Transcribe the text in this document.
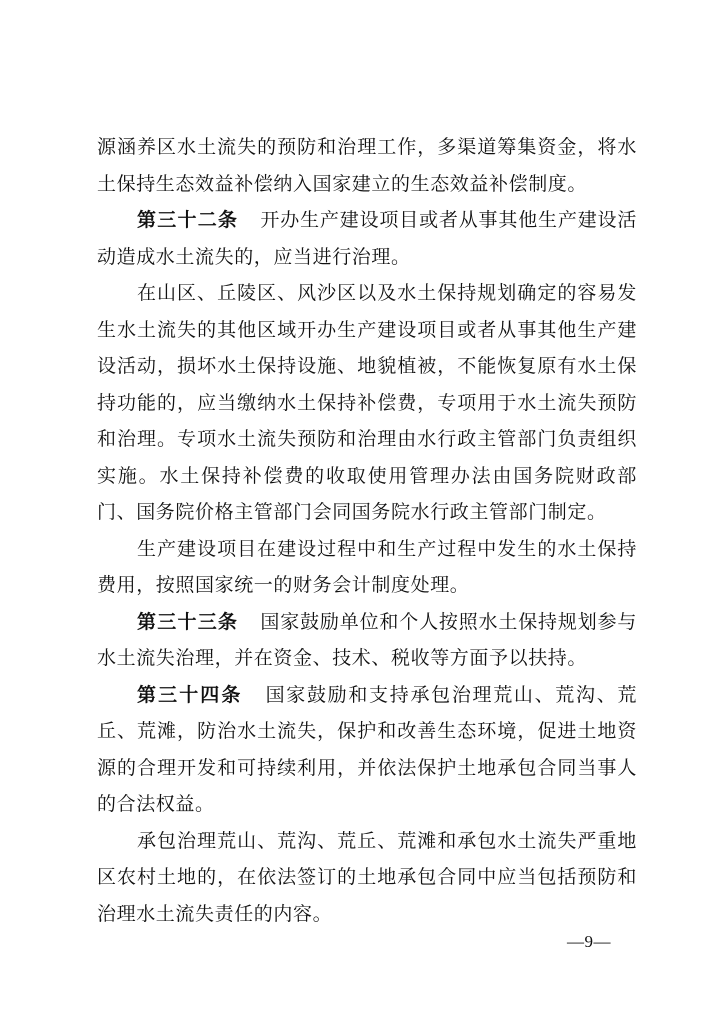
源涵养区水土流失的预防和治理工作，多渠道筹集资金，将水土保持生态效益补偿纳入国家建立的生态效益补偿制度。

第三十二条 开办生产建设项目或者从事其他生产建设活动造成水土流失的，应当进行治理。

在山区、丘陵区、风沙区以及水土保持规划确定的容易发生水土流失的其他区域开办生产建设项目或者从事其他生产建设活动，损坏水土保持设施、地貌植被，不能恢复原有水土保持功能的，应当缴纳水土保持补偿费，专项用于水土流失预防和治理。专项水土流失预防和治理由水行政主管部门负责组织实施。水土保持补偿费的收取使用管理办法由国务院财政部门、国务院价格主管部门会同国务院水行政主管部门制定。

生产建设项目在建设过程中和生产过程中发生的水土保持费用，按照国家统一的财务会计制度处理。

第三十三条 国家鼓励单位和个人按照水土保持规划参与水土流失治理，并在资金、技术、税收等方面予以扶持。

第三十四条 国家鼓励和支持承包治理荒山、荒沟、荒丘、荒滩，防治水土流失，保护和改善生态环境，促进土地资源的合理开发和可持续利用，并依法保护土地承包合同当事人的合法权益。

承包治理荒山、荒沟、荒丘、荒滩和承包水土流失严重地区农村土地的，在依法签订的土地承包合同中应当包括预防和治理水土流失责任的内容。

—9—
